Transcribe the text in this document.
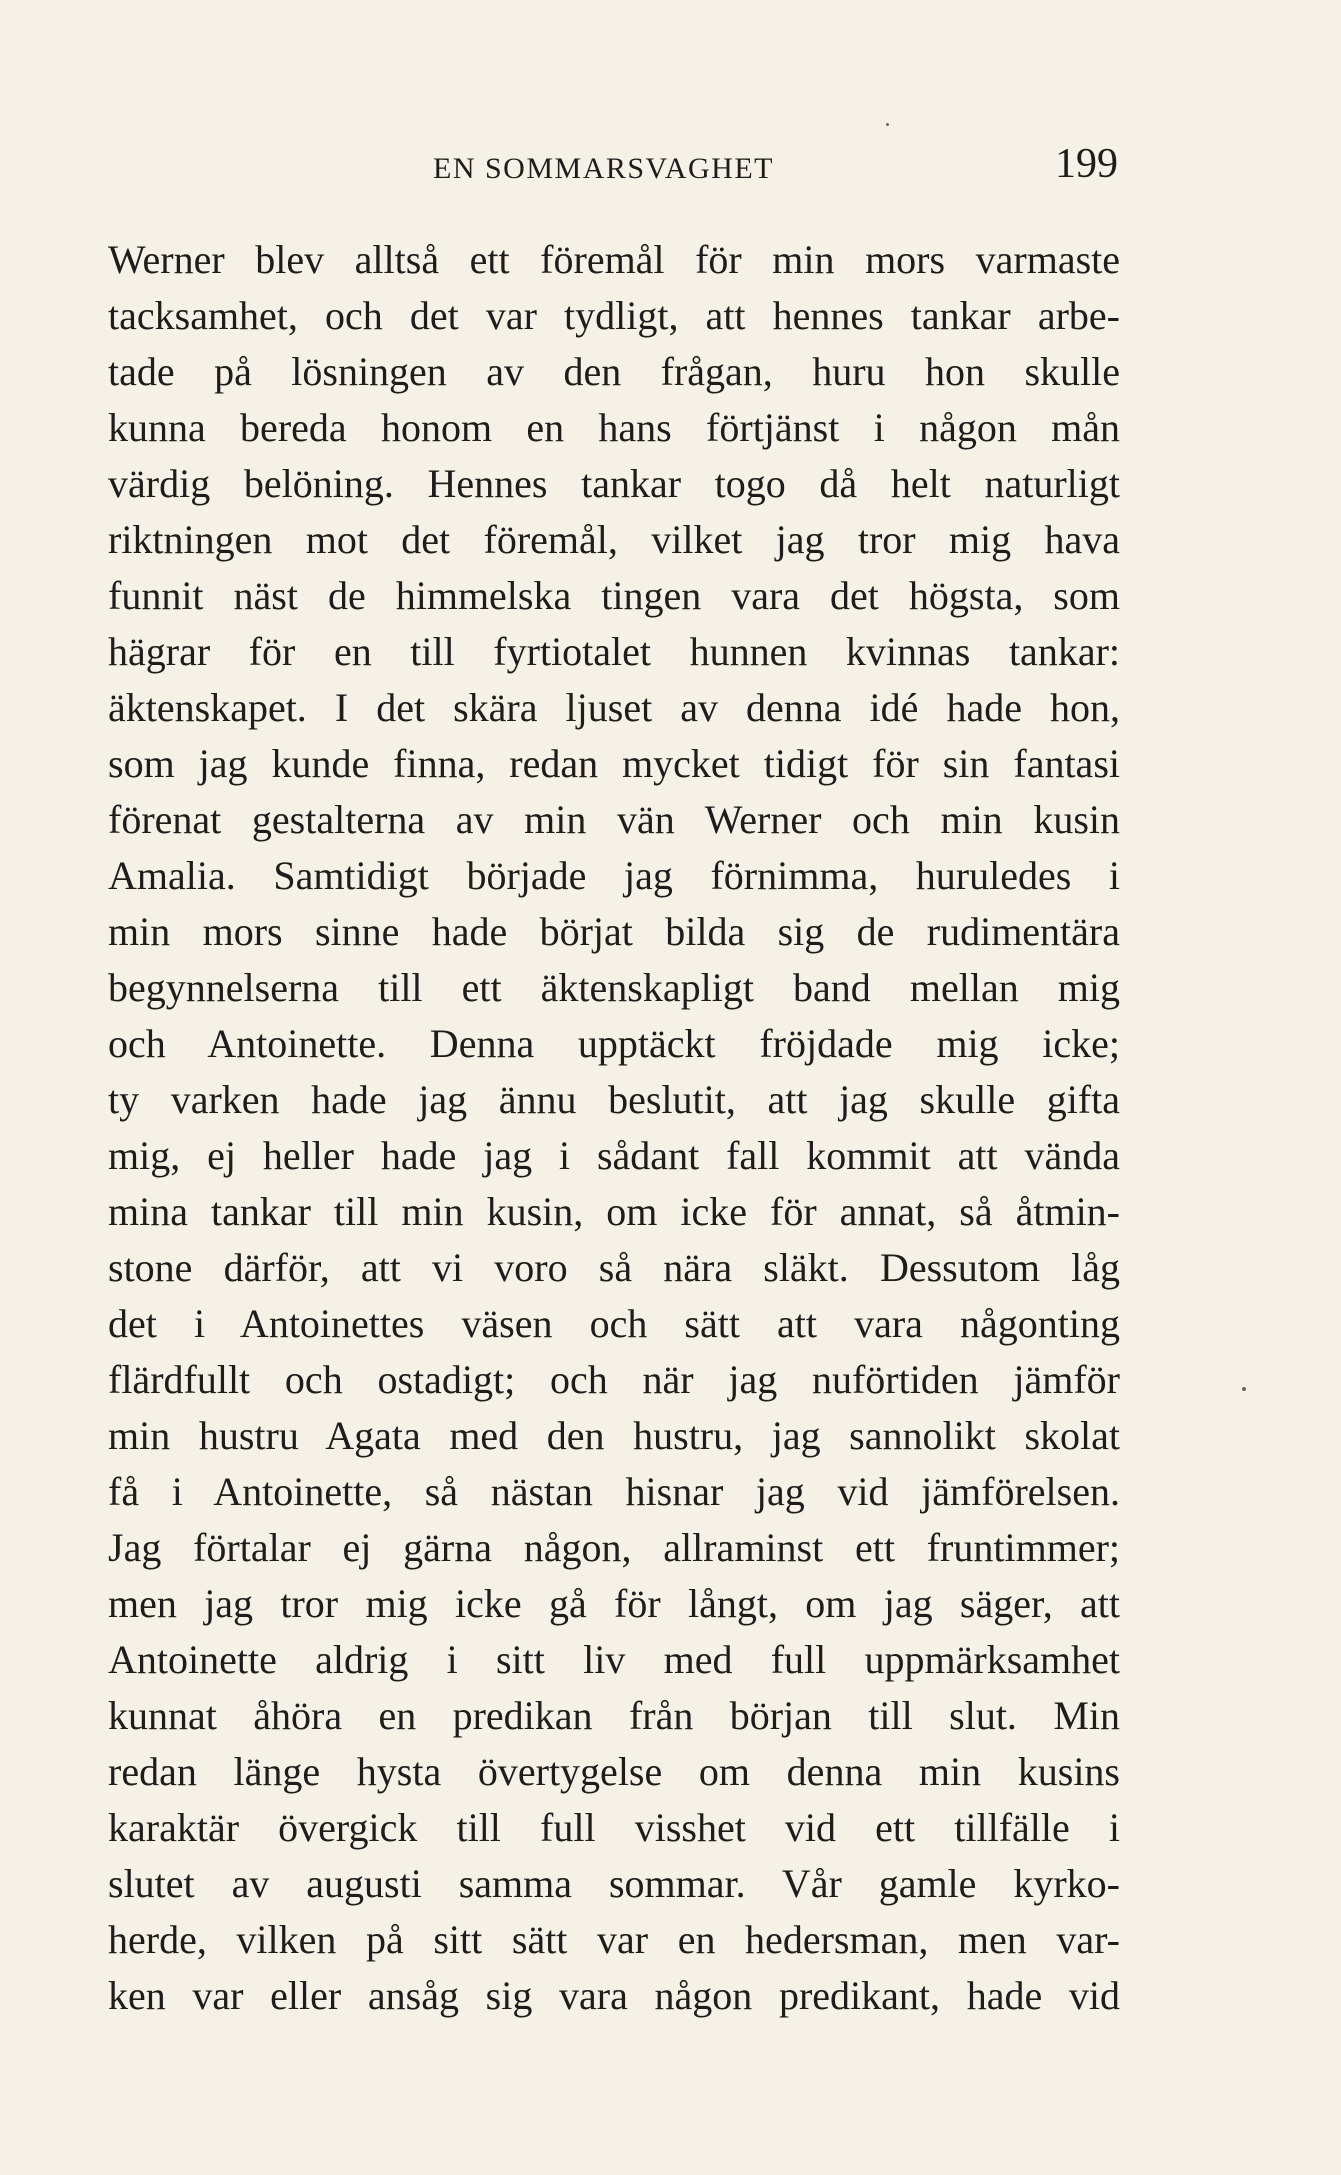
EN SOMMARSVAGHET	199
Werner blev alltså ett föremål för min mors varmaste
tacksamhet, och det var tydligt, att hennes tankar arbe-
tade på lösningen av den frågan, huru hon skulle
kunna bereda honom en hans förtjänst i någon mån
värdig belöning. Hennes tankar togo då helt naturligt
riktningen mot det föremål, vilket jag tror mig hava
funnit näst de himmelska tingen vara det högsta, som
hägrar för en till fyrtiotalet hunnen kvinnas tankar:
äktenskapet. I det skära ljuset av denna idé hade hon,
som jag kunde finna, redan mycket tidigt för sin fantasi
förenat gestalterna av min vän Werner och min kusin
Amalia. Samtidigt började jag förnimma, huruledes i
min mors sinne hade börjat bilda sig de rudimentära
begynnelserna till ett äktenskapligt band mellan mig
och Antoinette. Denna upptäckt fröjdade mig icke;
ty varken hade jag ännu beslutit, att jag skulle gifta
mig, ej heller hade jag i sådant fall kommit att vända
mina tankar till min kusin, om icke för annat, så åtmin-
stone därför, att vi voro så nära släkt. Dessutom låg
det i Antoinettes väsen och sätt att vara någonting
flärdfullt och ostadigt; och när jag nuförtiden jämför
min hustru Agata med den hustru, jag sannolikt skolat
få i Antoinette, så nästan hisnar jag vid jämförelsen.
Jag förtalar ej gärna någon, allraminst ett fruntimmer;
men jag tror mig icke gå för långt, om jag säger, att
Antoinette aldrig i sitt liv med full uppmärksamhet
kunnat åhöra en predikan från början till slut. Min
redan länge hysta övertygelse om denna min kusins
karaktär övergick till full visshet vid ett tillfälle i
slutet av augusti samma sommar. Vår gamle kyrko-
herde, vilken på sitt sätt var en hedersman, men var-
ken var eller ansåg sig vara någon predikant, hade vid
